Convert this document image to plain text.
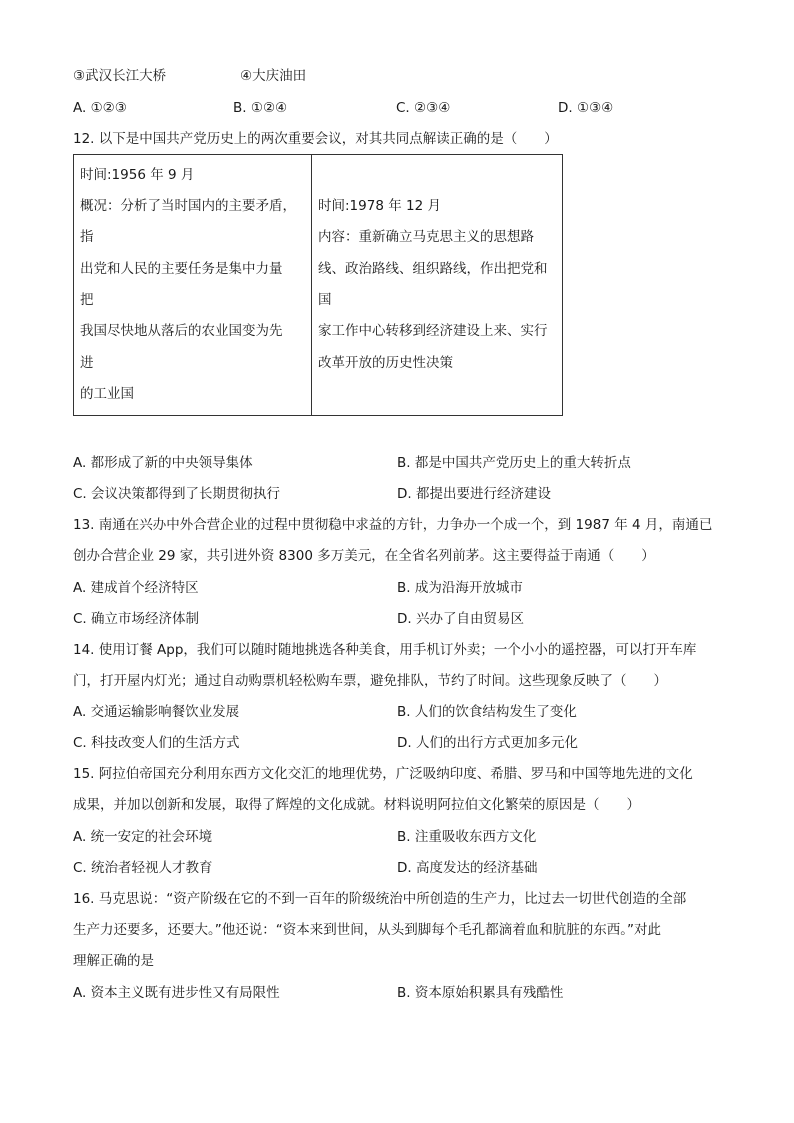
③武汉长江大桥	④大庆油田
A. ①②③	B. ①②④	C. ②③④	D. ①③④
12. 以下是中国共产党历史上的两次重要会议，对其共同点解读正确的是（　　）
时间:1956 年 9 月
概况：分析了当时国内的主要矛盾，
指
出党和人民的主要任务是集中力量
把
我国尽快地从落后的农业国变为先
进
的工业国

时间:1978 年 12 月
内容：重新确立马克思主义的思想路
线、政治路线、组织路线，作出把党和
国
家工作中心转移到经济建设上来、实行
改革开放的历史性决策
A. 都形成了新的中央领导集体	B. 都是中国共产党历史上的重大转折点
C. 会议决策都得到了长期贯彻执行	D. 都提出要进行经济建设
13. 南通在兴办中外合营企业的过程中贯彻稳中求益的方针，力争办一个成一个，到 1987 年 4 月，南通已
创办合营企业 29 家，共引进外资 8300 多万美元，在全省名列前茅。这主要得益于南通（　　）
A. 建成首个经济特区	B. 成为沿海开放城市
C. 确立市场经济体制	D. 兴办了自由贸易区
14. 使用订餐 App，我们可以随时随地挑选各种美食，用手机订外卖；一个小小的遥控器，可以打开车库
门，打开屋内灯光；通过自动购票机轻松购车票，避免排队，节约了时间。这些现象反映了（　　）
A. 交通运输影响餐饮业发展	B. 人们的饮食结构发生了变化
C. 科技改变人们的生活方式	D. 人们的出行方式更加多元化
15. 阿拉伯帝国充分利用东西方文化交汇的地理优势，广泛吸纳印度、希腊、罗马和中国等地先进的文化
成果，并加以创新和发展，取得了辉煌的文化成就。材料说明阿拉伯文化繁荣的原因是（　　）
A. 统一安定的社会环境	B. 注重吸收东西方文化
C. 统治者轻视人才教育	D. 高度发达的经济基础
16. 马克思说：“资产阶级在它的不到一百年的阶级统治中所创造的生产力，比过去一切世代创造的全部
生产力还要多，还要大。”他还说：“资本来到世间，从头到脚每个毛孔都滴着血和肮脏的东西。”对此
理解正确的是
A. 资本主义既有进步性又有局限性	B. 资本原始积累具有残酷性
